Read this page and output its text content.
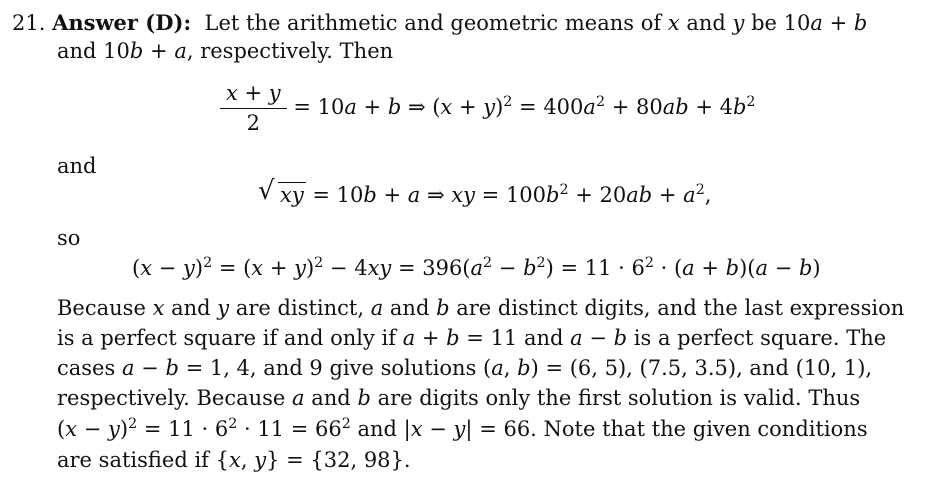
21. Answer (D): Let the arithmetic and geometric means of x and y be 10a + b
and 10b + a, respectively. Then
$\frac{x + y}{2} = 10a + b$ ⇒ $(x + y)^2 = 400a^2 + 80ab + 4b^2$
and
√ xy = 10b + a ⇒ xy = $100b^2 + 20ab + a^2$,
so
$(x - y)^2 = (x + y)^2 - 4xy = 396(a^2 - b^2) = 11 \cdot 6^2 \cdot (a + b)(a - b)$
Because x and y are distinct, a and b are distinct digits, and the last expression
is a perfect square if and only if a + b = 11 and a − b is a perfect square. The
cases a − b = 1, 4, and 9 give solutions (a, b) = (6, 5), (7.5, 3.5), and (10, 1),
respectively. Because a and b are digits only the first solution is valid. Thus
$(x - y)^2 = 11 \cdot 6^2 \cdot 11 = 66^2$ and |x − y| = 66. Note that the given conditions
are satisfied if {x, y} = {32, 98}.
